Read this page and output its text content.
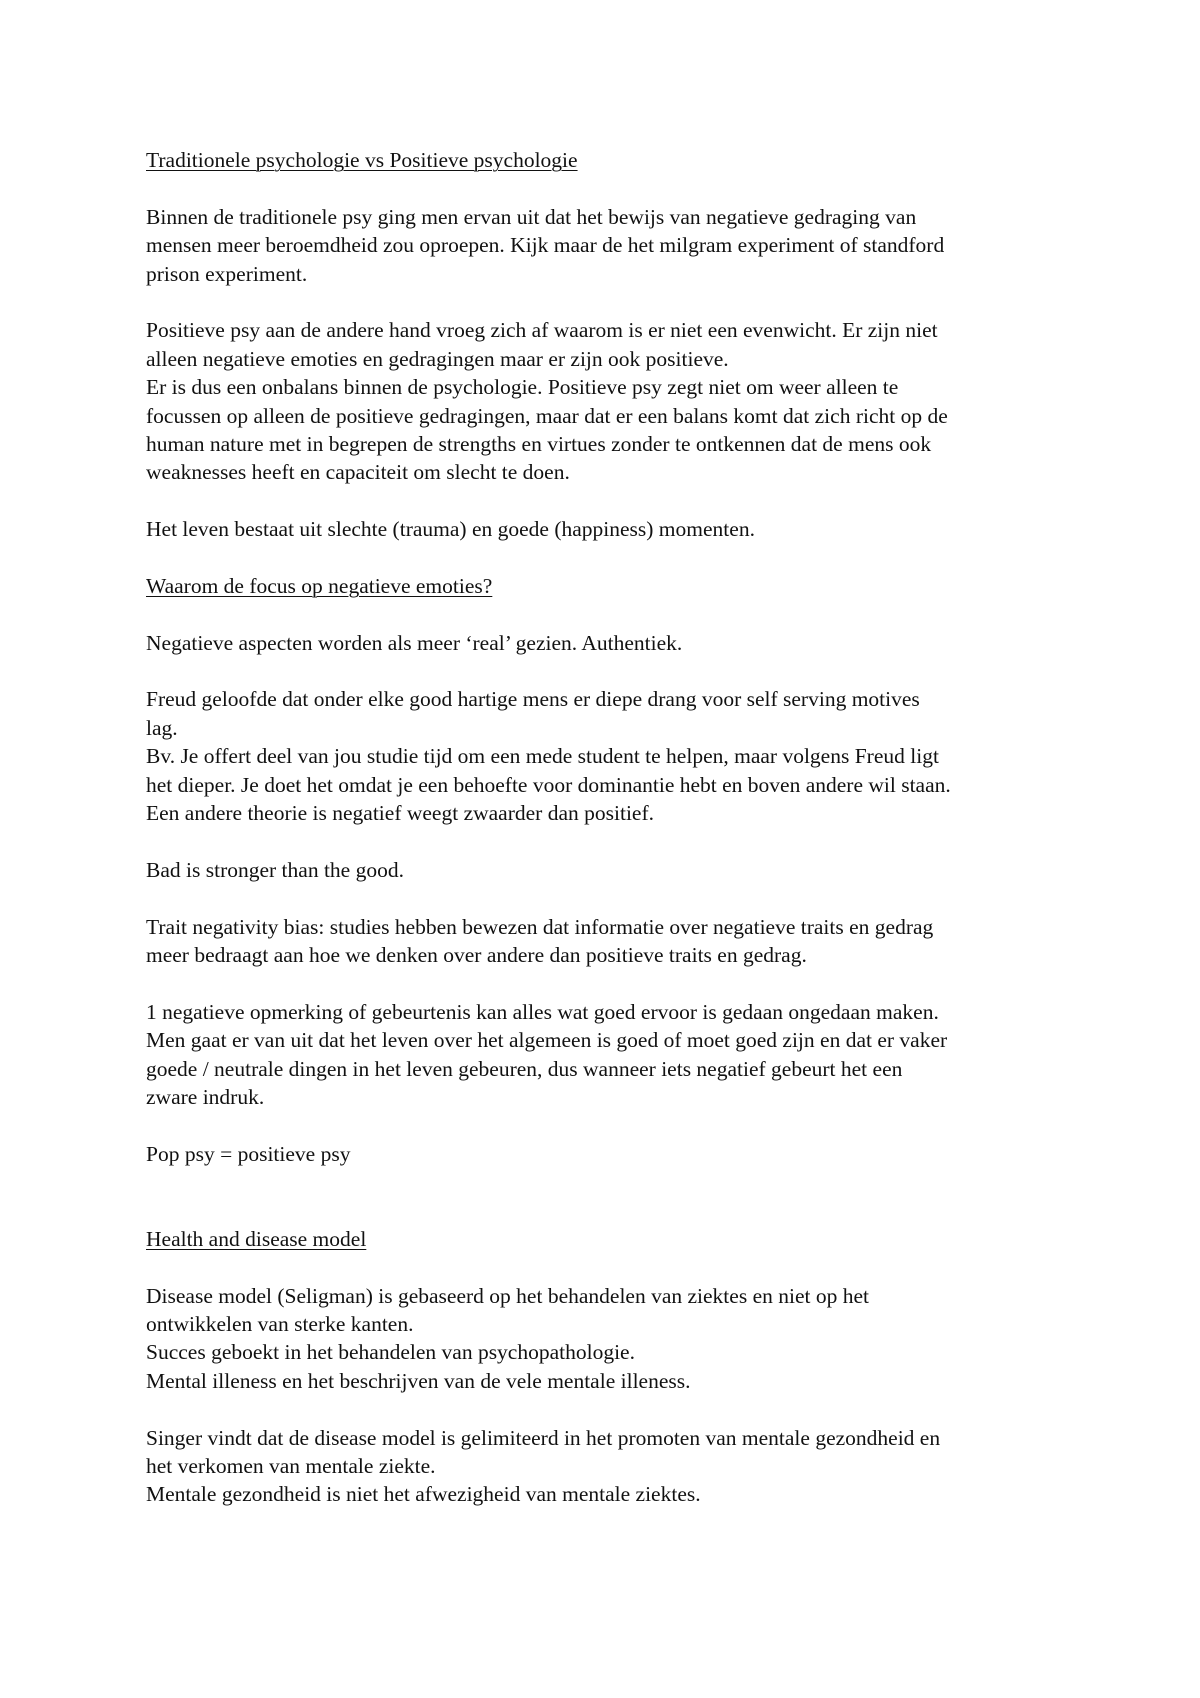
Traditionele psychologie vs Positieve psychologie
Binnen de traditionele psy ging men ervan uit dat het bewijs van negatieve gedraging van
mensen meer beroemdheid zou oproepen. Kijk maar de het milgram experiment of standford
prison experiment.
Positieve psy aan de andere hand vroeg zich af waarom is er niet een evenwicht. Er zijn niet
alleen negatieve emoties en gedragingen maar er zijn ook positieve.
Er is dus een onbalans binnen de psychologie. Positieve psy zegt niet om weer alleen te
focussen op alleen de positieve gedragingen, maar dat er een balans komt dat zich richt op de
human nature met in begrepen de strengths en virtues zonder te ontkennen dat de mens ook
weaknesses heeft en capaciteit om slecht te doen.
Het leven bestaat uit slechte (trauma) en goede (happiness) momenten.
Waarom de focus op negatieve emoties?
Negatieve aspecten worden als meer ‘real’ gezien. Authentiek.
Freud geloofde dat onder elke good hartige mens er diepe drang voor self serving motives
lag.
Bv. Je offert deel van jou studie tijd om een mede student te helpen, maar volgens Freud ligt
het dieper. Je doet het omdat je een behoefte voor dominantie hebt en boven andere wil staan.
Een andere theorie is negatief weegt zwaarder dan positief.
Bad is stronger than the good.
Trait negativity bias: studies hebben bewezen dat informatie over negatieve traits en gedrag
meer bedraagt aan hoe we denken over andere dan positieve traits en gedrag.
1 negatieve opmerking of gebeurtenis kan alles wat goed ervoor is gedaan ongedaan maken.
Men gaat er van uit dat het leven over het algemeen is goed of moet goed zijn en dat er vaker
goede / neutrale dingen in het leven gebeuren, dus wanneer iets negatief gebeurt het een
zware indruk.
Pop psy = positieve psy
Health and disease model
Disease model (Seligman) is gebaseerd op het behandelen van ziektes en niet op het
ontwikkelen van sterke kanten.
Succes geboekt in het behandelen van psychopathologie.
Mental illeness en het beschrijven van de vele mentale illeness.
Singer vindt dat de disease model is gelimiteerd in het promoten van mentale gezondheid en
het verkomen van mentale ziekte.
Mentale gezondheid is niet het afwezigheid van mentale ziektes.
